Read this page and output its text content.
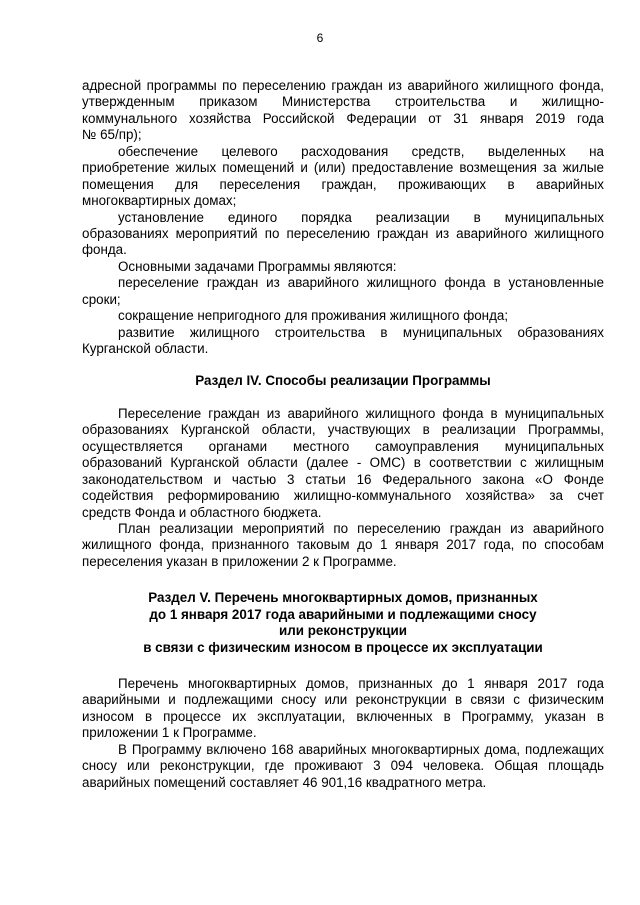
6
адресной программы по переселению граждан из аварийного жилищного фонда,
утвержденным приказом Министерства строительства и жилищно-
коммунального хозяйства Российской Федерации от 31 января 2019 года
№ 65/пр);
обеспечение целевого расходования средств, выделенных на
приобретение жилых помещений и (или) предоставление возмещения за жилые
помещения для переселения граждан, проживающих в аварийных
многоквартирных домах;
установление единого порядка реализации в муниципальных
образованиях мероприятий по переселению граждан из аварийного жилищного
фонда.
Основными задачами Программы являются:
переселение граждан из аварийного жилищного фонда в установленные
сроки;
сокращение непригодного для проживания жилищного фонда;
развитие жилищного строительства в муниципальных образованиях
Курганской области.
Раздел IV. Способы реализации Программы
Переселение граждан из аварийного жилищного фонда в муниципальных
образованиях Курганской области, участвующих в реализации Программы,
осуществляется органами местного самоуправления муниципальных
образований Курганской области (далее - ОМС) в соответствии с жилищным
законодательством и частью 3 статьи 16 Федерального закона «О Фонде
содействия реформированию жилищно-коммунального хозяйства» за счет
средств Фонда и областного бюджета.
План реализации мероприятий по переселению граждан из аварийного
жилищного фонда, признанного таковым до 1 января 2017 года, по способам
переселения указан в приложении 2 к Программе.
Раздел V. Перечень многоквартирных домов, признанных
до 1 января 2017 года аварийными и подлежащими сносу
или реконструкции
в связи с физическим износом в процессе их эксплуатации
Перечень многоквартирных домов, признанных до 1 января 2017 года
аварийными и подлежащими сносу или реконструкции в связи с физическим
износом в процессе их эксплуатации, включенных в Программу, указан в
приложении 1 к Программе.
В Программу включено 168 аварийных многоквартирных дома, подлежащих
сносу или реконструкции, где проживают 3 094 человека. Общая площадь
аварийных помещений составляет 46 901,16 квадратного метра.
